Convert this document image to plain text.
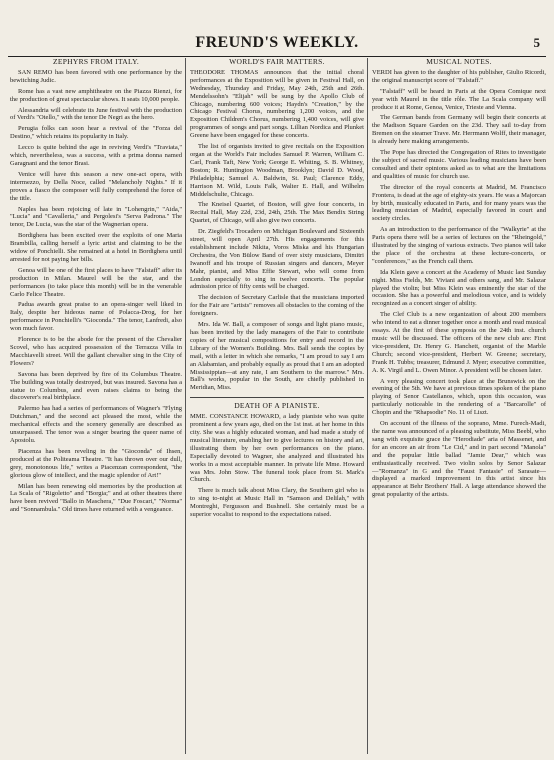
FREUND'S WEEKLY.	5
ZEPHYRS FROM ITALY.

SAN REMO has been favored with one performance by the bewitching Judic.

Rome has a vast new amphitheatre on the Piazza Rienzi, for the production of great spectacular shows. It seats 10,000 people.

Alessandria will celebrate its June festival with the production of Verdi's "Otello," with the tenor De Negri as the hero.

Perugia folks can soon hear a revival of the "Forza del Destino," which retains its popularity in Italy.

Lecco is quite behind the age in reviving Verdi's "Traviata," which, nevertheless, was a success, with a prima donna named Garagnani and the tenor Brasi.

Venice will have this season a new one-act opera, with intermezzo, by Della Noce, called "Melancholy Nights." If it proves a fiasco the composer will fully comprehend the force of the title.

Naples has been rejoicing of late in "Lohengrin," "Aida," "Lucia" and "Cavalleria," and Pergolesi's "Serva Padrona." The tenor, De Lucia, was the star of the Wagnerian opera.

Bordighera has been excited over the exploits of one Maria Brambilla, calling herself a lyric artist and claiming to be the widow of Ponchielli. She remained at a hotel in Bordighera until arrested for not paying her bills.

Genoa will be one of the first places to have "Falstaff" after its production in Milan. Maurel will be the star, and the performances (to take place this month) will be in the venerable Carlo Felice Theatre.

Padua awards great praise to an opera-singer well liked in Italy, despite her hideous name of Polacca-Drog, for her performance in Ponchielli's "Gioconda." The tenor, Lanfredi, also won much favor.

Florence is to be the abode for the present of the Chevalier Scovel, who has acquired possession of the Terrazza Villa in Macchiavelli street. Will the gallant chevalier sing in the City of Flowers?

Savona has been deprived by fire of its Columbus Theatre. The building was totally destroyed, but was insured. Savona has a statue to Columbus, and even raises claims to being the discoverer's real birthplace.

Palermo has had a series of performances of Wagner's "Flying Dutchman," and the second act pleased the most, while the mechanical effects and the scenery generally are described as unsurpassed. The tenor was a singer bearing the queer name of Apostolu.

Piacenza has been reveling in the "Gioconda" of Ihsen, produced at the Politeama Theatre. "It has thrown over our dull, grey, monotonous life," writes a Piacenzan correspondent, "the glorious glow of intellect, and the magic splendor of Art!"

Milan has been renewing old memories by the production at La Scala of "Rigoletto" and "Borgia;" and at other theatres there have been revived "Ballo in Maschera," "Due Foscari," "Norma" and "Sonnambula." Old times have returned with a vengeance.

WORLD'S FAIR MATTERS.

THEODORE THOMAS announces that the initial choral performances at the Exposition will be given in Festival Hall, on Wednesday, Thursday and Friday, May 24th, 25th and 26th. Mendelssohn's "Elijah" will be sung by the Apollo Club of Chicago, numbering 600 voices; Haydn's "Creation," by the Chicago Festival Chorus, numbering 1,200 voices, and the Exposition Children's Chorus, numbering 1,400 voices, will give programmes of songs and part songs. Lillian Nordica and Plunket Greene have been engaged for these concerts.

The list of organists invited to give recitals on the Exposition organ at the World's Fair includes Samuel P. Warren, William C. Carl, Frank Taft, New York; George E. Whiting, S. B. Whitney, Boston; R. Huntington Woodman, Brooklyn; David D. Wood, Philadelphia; Samuel A. Baldwin, St. Paul; Clarence Eddy, Harrison M. Wild, Louis Falk, Walter E. Hall, and Wilhelm Middelschulte, Chicago.

The Kneisel Quartet, of Boston, will give four concerts, in Recital Hall, May 22d, 23d, 24th, 25th. The Max Bendix String Quartet, of Chicago, will also give two concerts.

Dr. Ziegfeld's Trocadero on Michigan Boulevard and Sixteenth street, will open April 27th. His engagements for this establishment include Nikita, Voros Miska and his Hungarian Orchestra, the Von Bülow Band of over sixty musicians, Dimitri Iwanoff and his troupe of Russian singers and dancers, Meyer Mahr, pianist, and Miss Effie Stewart, who will come from London especially to sing in twelve concerts. The popular admission price of fifty cents will be charged.

The decision of Secretary Carlisle that the musicians imported for the Fair are "artists" removes all obstacles to the coming of the foreigners.

Mrs. Ida W. Ball, a composer of songs and light piano music, has been invited by the lady managers of the Fair to contribute copies of her musical compositions for entry and record in the Library of the Women's Building. Mrs. Ball sends the copies by mail, with a letter in which she remarks, "I am proud to say I am an Alabamian, and probably equally as proud that I am an adopted Mississippian—at any rate, I am Southern to the marrow." Mrs. Ball's works, popular in the South, are chiefly published in Meridian, Miss.

DEATH OF A PIANISTE.

MME. CONSTANCE HOWARD, a lady pianiste who was quite prominent a few years ago, died on the 1st inst. at her home in this city. She was a highly educated woman, and had made a study of musical literature, enabling her to give lectures on history and art, illustrating them by her own performances on the piano. Especially devoted to Wagner, she analyzed and illustrated his works in a most acceptable manner. In private life Mme. Howard was Mrs. John Stow. The funeral took place from St. Mark's Church.

There is much talk about Miss Clary, the Southern girl who is to sing to-night at Music Hall in "Samson and Delilah," with Montreghi, Fergusson and Bushnell. She certainly must be a superior vocalist to respond to the expectations raised.

MUSICAL NOTES.

VERDI has given to the daughter of his publisher, Giulio Ricordi, the original manuscript score of "Falstaff."

"Falstaff" will be heard in Paris at the Opera Comique next year with Maurel in the title rôle. The La Scala company will produce it at Rome, Genoa, Venice, Trieste and Vienna.

The German bands from Germany will begin their concerts at the Madison Square Garden on the 23d. They sail to-day from Bremen on the steamer Trave. Mr. Herrmann Wolff, their manager, is already here making arrangements.

The Pope has directed the Congregation of Rites to investigate the subject of sacred music. Various leading musicians have been consulted and their opinions asked as to what are the limitations and qualities of music for church use.

The director of the royal concerts at Madrid, M. Francisco Frontera, is dead at the age of eighty-six years. He was a Majorcan by birth, musically educated in Paris, and for many years was the leading musician of Madrid, especially favored in court and society circles.

As an introduction to the performance of the "Walkyrie" at the Paris opera there will be a series of lectures on the "Rheingold," illustrated by the singing of various extracts. Two pianos will take the place of the orchestra at these lecture-concerts, or "conferences," as the French call them.

Ida Klein gave a concert at the Academy of Music last Sunday night. Miss Fields, Mr. Viviani and others sang, and Mr. Salazar played the violin; but Miss Klein was eminently the star of the occasion. She has a powerful and melodious voice, and is widely recognized as a concert singer of ability.

The Clef Club is a new organization of about 200 members who intend to eat a dinner together once a month and read musical essays. At the first of these symposia on the 24th inst. church music will be discussed. The officers of the new club are: First vice-president, Dr. Henry G. Hanchett, organist of the Marble Church; second vice-president, Herbert W. Greene; secretary, Frank H. Tubbs; treasurer, Edmund J. Myer; executive committee, A. K. Virgil and L. Owen Minor. A president will be chosen later.

A very pleasing concert took place at the Brunswick on the evening of the 5th. We have at previous times spoken of the piano playing of Senor Castellanos, which, upon this occasion, was particularly noticeable in the rendering of a "Barcarolle" of Chopin and the "Rhapsodie" No. 11 of Liszt.

On account of the illness of the soprano, Mme. Furech-Madi, the name was announced of a pleasing substitute, Miss Beebl, who sang with exquisite grace the "Herodiade" aria of Massenet, and for an encore an air from "Le Cid," and in part second "Manola" and the popular little ballad "Jamie Dear," which was enthusiastically received. Two violin solos by Senor Salazar—"Romanza" in G and the "Faust Fantasie" of Sarasate—displayed a marked improvement in this artist since his appearance at Behr Brothers' Hall. A large attendance showed the great popularity of the artists.
